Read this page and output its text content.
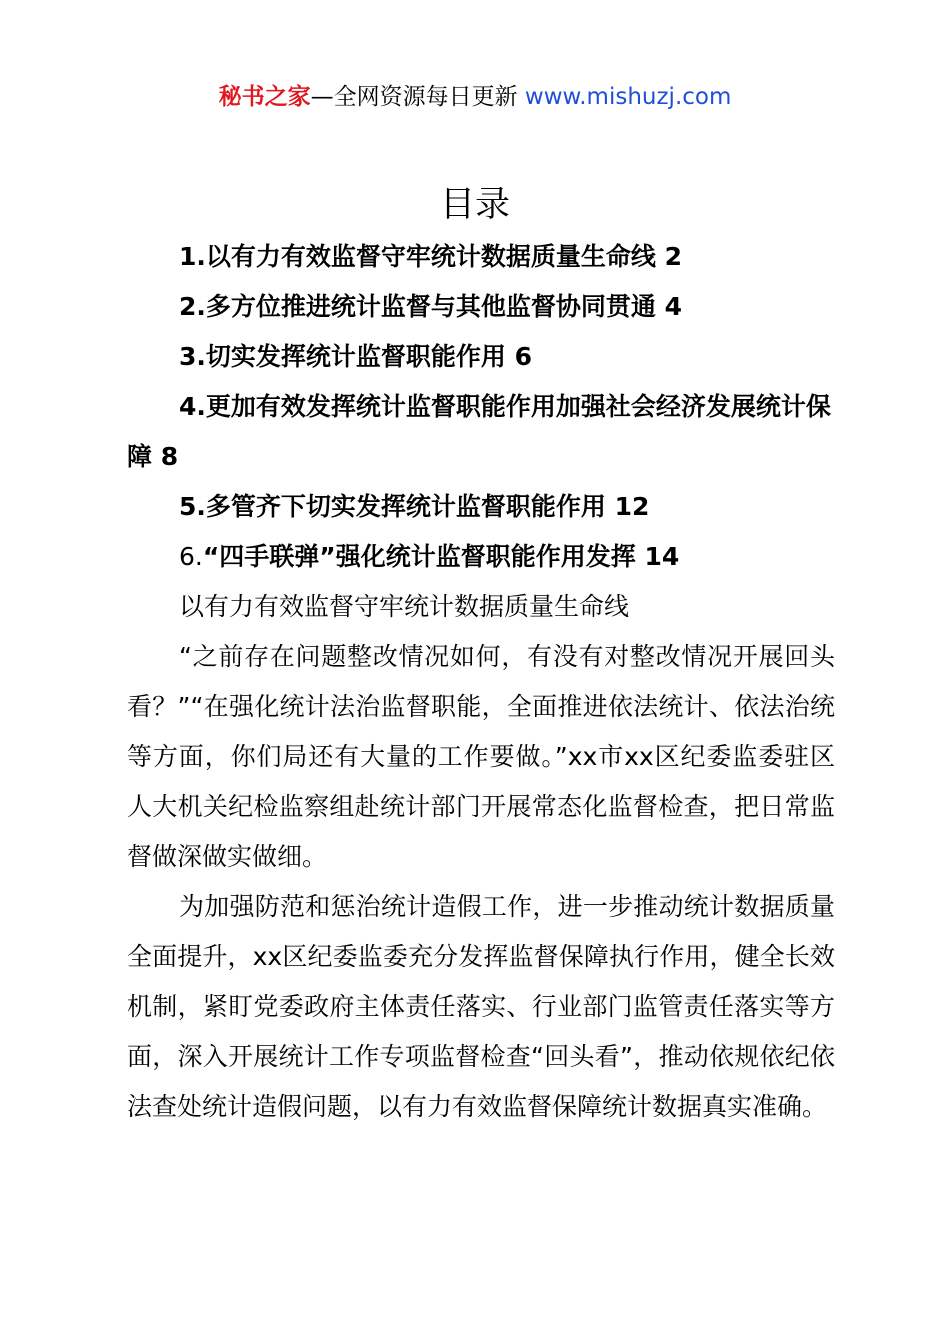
秘书之家—全网资源每日更新 www.mishuzj.com
目录

1.以有力有效监督守牢统计数据质量生命线 2

2.多方位推进统计监督与其他监督协同贯通 4

3.切实发挥统计监督职能作用 6

4.更加有效发挥统计监督职能作用加强社会经济发展统计保障 8

5.多管齐下切实发挥统计监督职能作用 12

6.“四手联弹”强化统计监督职能作用发挥 14

以有力有效监督守牢统计数据质量生命线

“之前存在问题整改情况如何，有没有对整改情况开展回头看？”“在强化统计法治监督职能，全面推进依法统计、依法治统等方面，你们局还有大量的工作要做。”xx市xx区纪委监委驻区人大机关纪检监察组赴统计部门开展常态化监督检查，把日常监督做深做实做细。

为加强防范和惩治统计造假工作，进一步推动统计数据质量全面提升，xx区纪委监委充分发挥监督保障执行作用，健全长效机制，紧盯党委政府主体责任落实、行业部门监管责任落实等方面，深入开展统计工作专项监督检查“回头看”，推动依规依纪依法查处统计造假问题，以有力有效监督保障统计数据真实准确。
